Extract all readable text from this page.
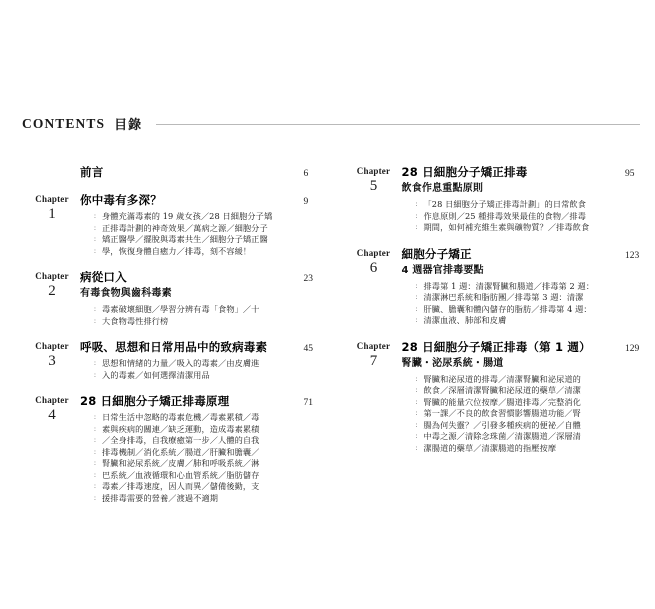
CONTENTS 目錄
前言	6
Chapter
1
你中毒有多深？	9
: 身體充滿毒素的 19 歲女孩／28 日細胞分子矯
: 正排毒計劃的神奇效果／萬病之源／細胞分子
: 矯正醫學／擺脫與毒素共生／細胞分子矯正醫
: 學，恢復身體自癒力／排毒，刻不容緩！
Chapter
2
病從口入	23
有毒食物與齒科毒素
: 毒素破壞細胞／學習分辨有毒「食物」／十
: 大食物毒性排行榜
Chapter
3
呼吸、思想和日常用品中的致病毒素	45
: 思想和情緒的力量／吸入的毒素／由皮膚進
: 入的毒素／如何選擇清潔用品
Chapter
4
28 日細胞分子矯正排毒原理	71
: 日常生活中忽略的毒素危機／毒素累積／毒
: 素與疾病的關連／缺乏運動，造成毒素累積
: ／全身排毒，自我療癒第一步／人體的自我
: 排毒機制／消化系統／腸道／肝臟和膽囊／
: 腎臟和泌尿系統／皮膚／肺和呼吸系統／淋
: 巴系統／血液循環和心血管系統／脂肪儲存
: 毒素／排毒速度，因人而異／儲備後勤，支
: 援排毒需要的營養／渡過不適期
Chapter
5
28 日細胞分子矯正排毒	95
飲食作息重點原則
: 「28 日細胞分子矯正排毒計劃」的日常飲食
: 作息原則／25 種排毒效果最佳的食物／排毒
: 期間，如何補充維生素與礦物質？／排毒飲食
Chapter
6
細胞分子矯正	123
4 週器官排毒要點
: 排毒第 1 週：清潔腎臟和腸道／排毒第 2 週：
: 清潔淋巴系統和脂肪團／排毒第 3 週：清潔
: 肝臟、膽囊和體內儲存的脂肪／排毒第 4 週：
: 清潔血液、肺部和皮膚
Chapter
7
28 日細胞分子矯正排毒（第 1 週）	129
腎臟・泌尿系統・腸道
: 腎臟和泌尿道的排毒／清潔腎臟和泌尿道的
: 飲食／深層清潔腎臟和泌尿道的藥草／清潔
: 腎臟的能量穴位按摩／腸道排毒／完整消化
: 第一課／不良的飲食習慣影響腸道功能／腎
: 腸為何失靈？／引發多種疾病的便祕／自體
: 中毒之源／清除念珠菌／清潔腸道／深層清
: 潔腸道的藥草／清潔腸道的指壓按摩
